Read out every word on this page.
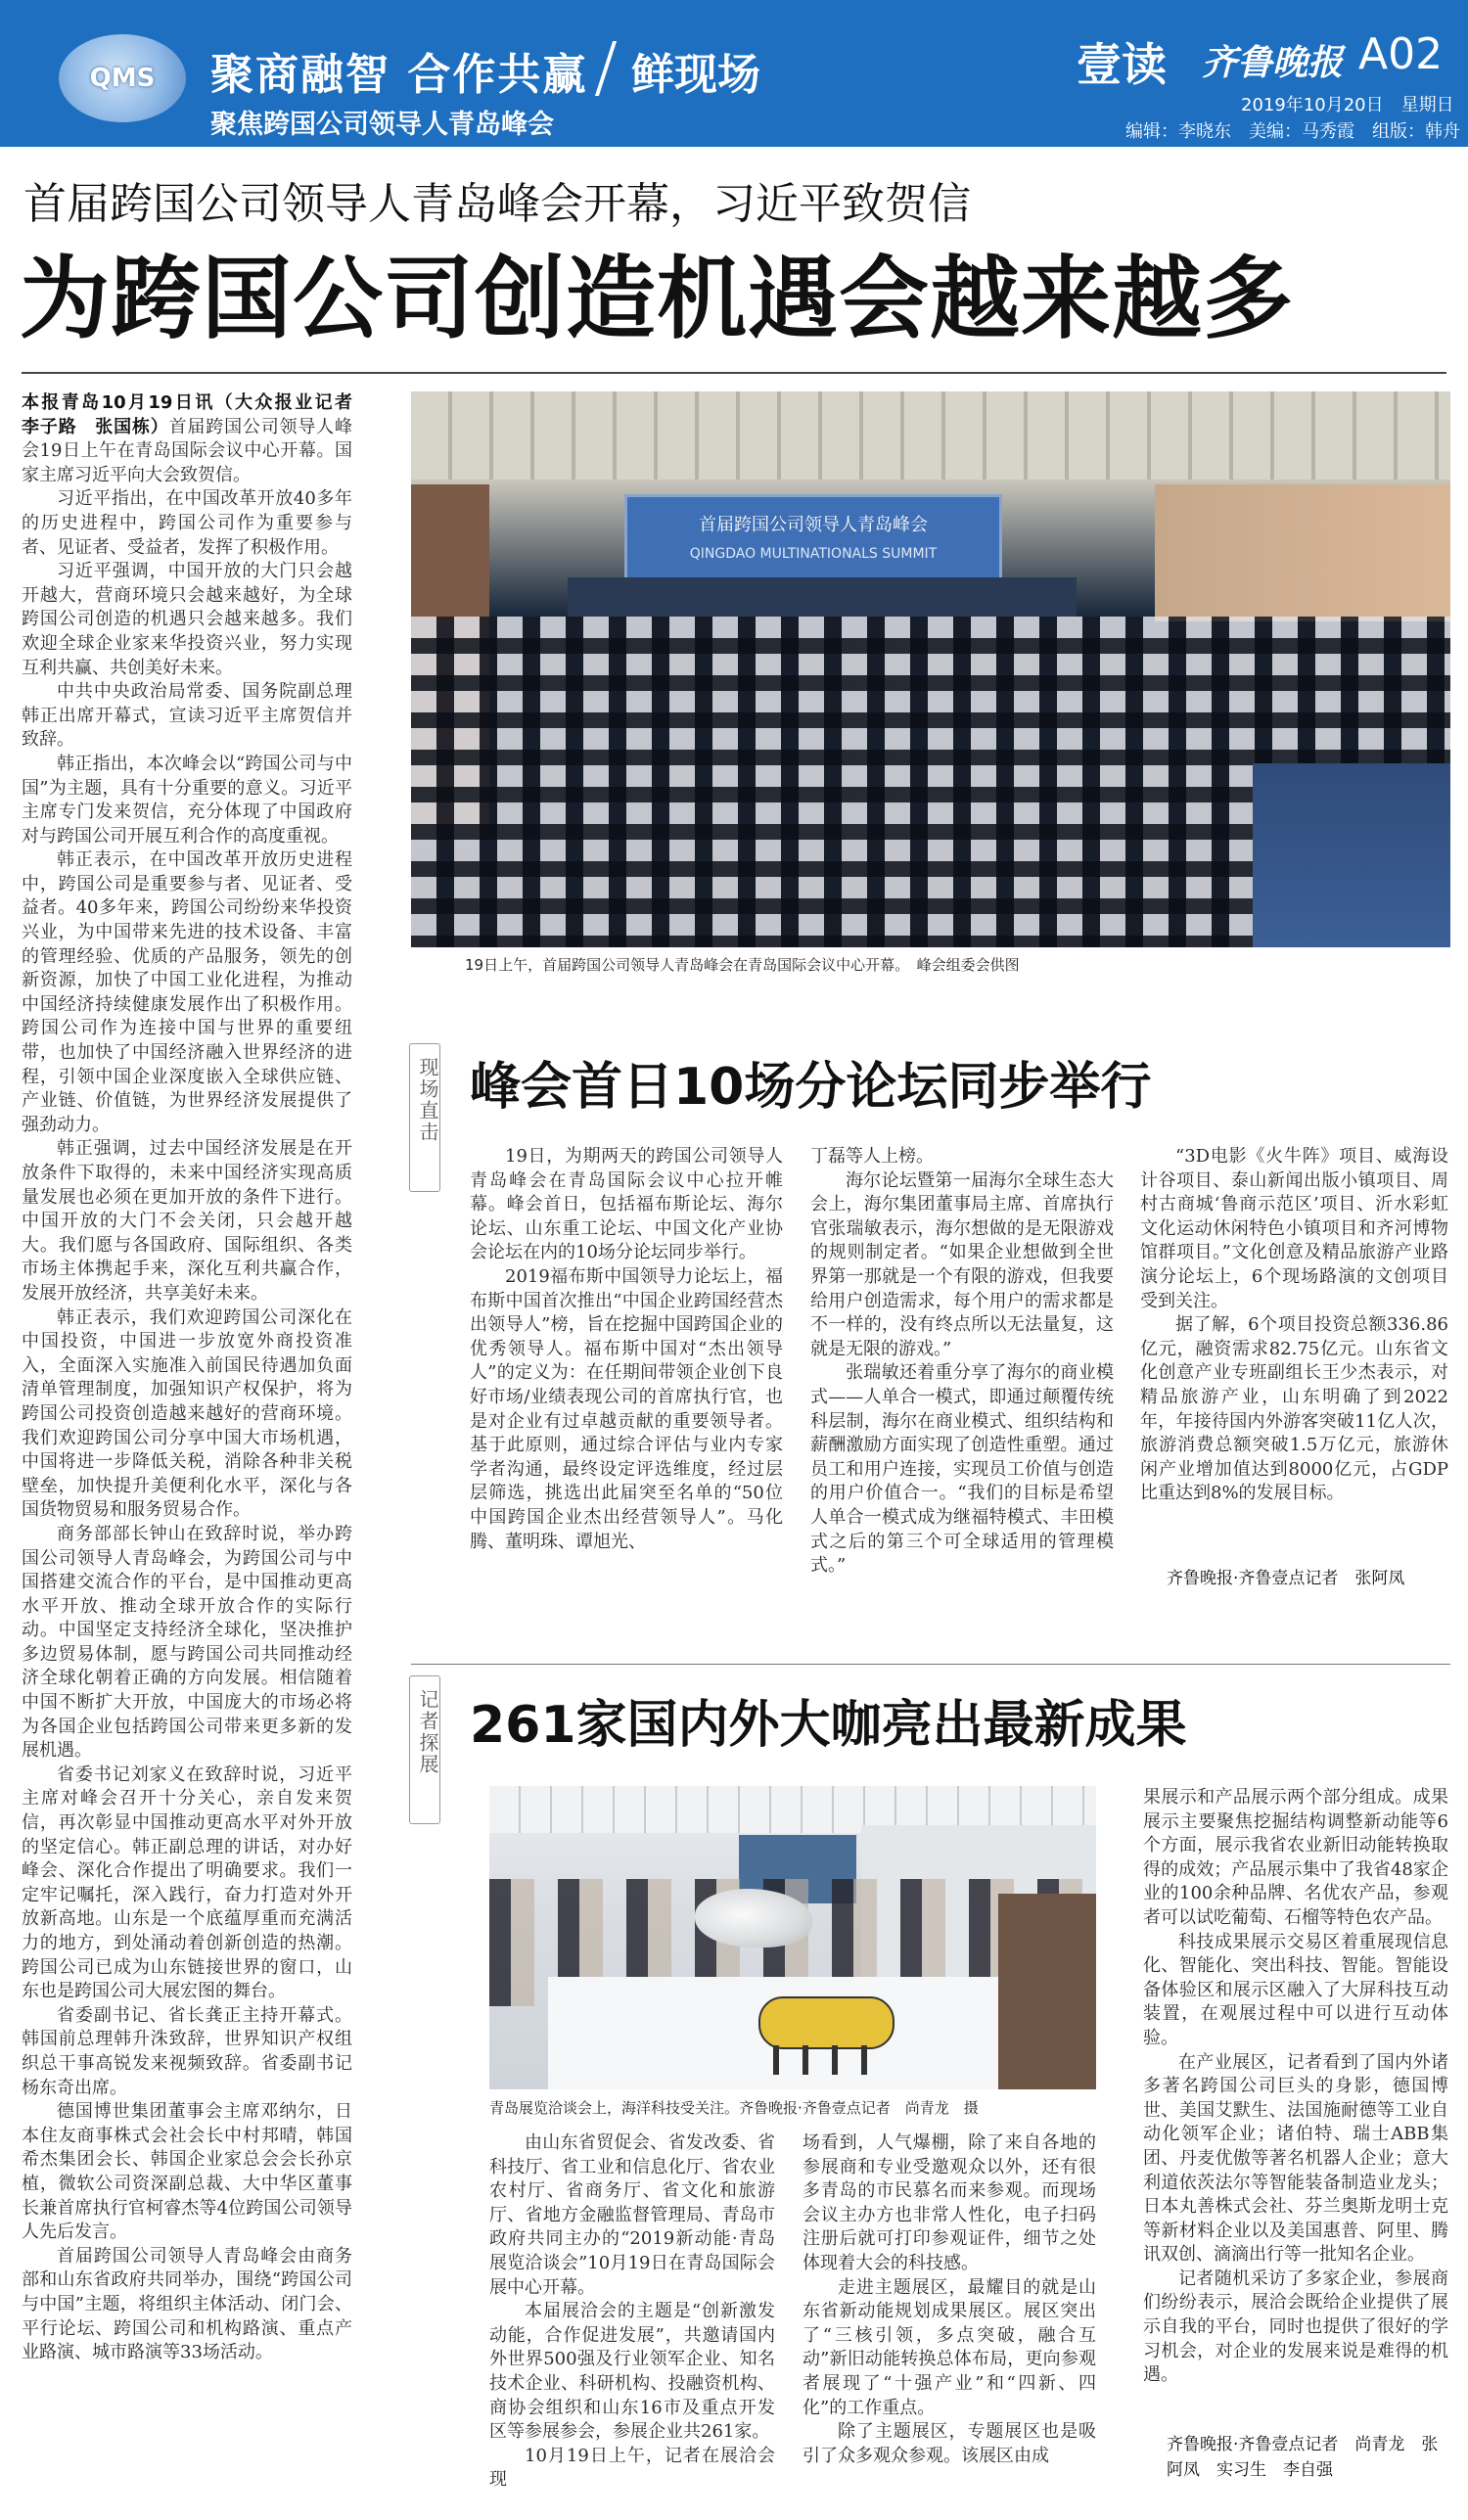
QMS	聚商融智 合作共赢 鲜现场
聚焦跨国公司领导人青岛峰会
壹读 齐鲁晚报 A02
2019年10月20日　星期日
编辑：李晓东　美编：马秀霞　组版：韩舟
首届跨国公司领导人青岛峰会开幕，习近平致贺信
为跨国公司创造机遇会越来越多

本报青岛10月19日讯（大众报业记者　李子路　张国栋）首届跨国公司领导人峰会19日上午在青岛国际会议中心开幕。国家主席习近平向大会致贺信。

习近平指出，在中国改革开放40多年的历史进程中，跨国公司作为重要参与者、见证者、受益者，发挥了积极作用。

习近平强调，中国开放的大门只会越开越大，营商环境只会越来越好，为全球跨国公司创造的机遇只会越来越多。我们欢迎全球企业家来华投资兴业，努力实现互利共赢、共创美好未来。

中共中央政治局常委、国务院副总理韩正出席开幕式，宣读习近平主席贺信并致辞。

韩正指出，本次峰会以“跨国公司与中国”为主题，具有十分重要的意义。习近平主席专门发来贺信，充分体现了中国政府对与跨国公司开展互利合作的高度重视。

韩正表示，在中国改革开放历史进程中，跨国公司是重要参与者、见证者、受益者。40多年来，跨国公司纷纷来华投资兴业，为中国带来先进的技术设备、丰富的管理经验、优质的产品服务，领先的创新资源，加快了中国工业化进程，为推动中国经济持续健康发展作出了积极作用。跨国公司作为连接中国与世界的重要纽带，也加快了中国经济融入世界经济的进程，引领中国企业深度嵌入全球供应链、产业链、价值链，为世界经济发展提供了强劲动力。

韩正强调，过去中国经济发展是在开放条件下取得的，未来中国经济实现高质量发展也必须在更加开放的条件下进行。中国开放的大门不会关闭，只会越开越大。我们愿与各国政府、国际组织、各类市场主体携起手来，深化互利共赢合作，发展开放经济，共享美好未来。

韩正表示，我们欢迎跨国公司深化在中国投资，中国进一步放宽外商投资准入，全面深入实施准入前国民待遇加负面清单管理制度，加强知识产权保护，将为跨国公司投资创造越来越好的营商环境。我们欢迎跨国公司分享中国大市场机遇，中国将进一步降低关税，消除各种非关税壁垒，加快提升美便利化水平，深化与各国货物贸易和服务贸易合作。

商务部部长钟山在致辞时说，举办跨国公司领导人青岛峰会，为跨国公司与中国搭建交流合作的平台，是中国推动更高水平开放、推动全球开放合作的实际行动。中国坚定支持经济全球化，坚决推护多边贸易体制，愿与跨国公司共同推动经济全球化朝着正确的方向发展。相信随着中国不断扩大开放，中国庞大的市场必将为各国企业包括跨国公司带来更多新的发展机遇。

省委书记刘家义在致辞时说，习近平主席对峰会召开十分关心，亲自发来贺信，再次彰显中国推动更高水平对外开放的坚定信心。韩正副总理的讲话，对办好峰会、深化合作提出了明确要求。我们一定牢记嘱托，深入践行，奋力打造对外开放新高地。山东是一个底蕴厚重而充满活力的地方，到处涌动着创新创造的热潮。跨国公司已成为山东链接世界的窗口，山东也是跨国公司大展宏图的舞台。

省委副书记、省长龚正主持开幕式。韩国前总理韩升洙致辞，世界知识产权组织总干事高锐发来视频致辞。省委副书记杨东奇出席。

德国博世集团董事会主席邓纳尔，日本住友商事株式会社会长中村邦晴，韩国希杰集团会长、韩国企业家总会会长孙京植，微软公司资深副总裁、大中华区董事长兼首席执行官柯睿杰等4位跨国公司领导人先后发言。

首届跨国公司领导人青岛峰会由商务部和山东省政府共同举办，围绕“跨国公司与中国”主题，将组织主体活动、闭门会、平行论坛、跨国公司和机构路演、重点产业路演、城市路演等33场活动。

首届跨国公司领导人青岛峰会
QINGDAO MULTINATIONALS SUMMIT
19日上午，首届跨国公司领导人青岛峰会在青岛国际会议中心开幕。　峰会组委会供图
现场直击 峰会首日10场分论坛同步举行

19日，为期两天的跨国公司领导人青岛峰会在青岛国际会议中心拉开帷幕。峰会首日，包括福布斯论坛、海尔论坛、山东重工论坛、中国文化产业协会论坛在内的10场分论坛同步举行。

2019福布斯中国领导力论坛上，福布斯中国首次推出“中国企业跨国经营杰出领导人”榜，旨在挖掘中国跨国企业的优秀领导人。福布斯中国对“杰出领导人”的定义为：在任期间带领企业创下良好市场/业绩表现公司的首席执行官，也是对企业有过卓越贡献的重要领导者。基于此原则，通过综合评估与业内专家学者沟通，最终设定评选维度，经过层层筛选，挑选出此届突至名单的“50位中国跨国企业杰出经营领导人”。马化腾、董明珠、谭旭光、

丁磊等人上榜。

海尔论坛暨第一届海尔全球生态大会上，海尔集团董事局主席、首席执行官张瑞敏表示，海尔想做的是无限游戏的规则制定者。“如果企业想做到全世界第一那就是一个有限的游戏，但我要给用户创造需求，每个用户的需求都是不一样的，没有终点所以无法量复，这就是无限的游戏。”

张瑞敏还着重分享了海尔的商业模式——人单合一模式，即通过颠覆传统科层制，海尔在商业模式、组织结构和薪酬激励方面实现了创造性重塑。通过员工和用户连接，实现员工价值与创造的用户价值合一。“我们的目标是希望人单合一模式成为继福特模式、丰田模式之后的第三个可全球适用的管理模式。”

“3D电影《火牛阵》项目、威海设计谷项目、泰山新闻出版小镇项目、周村古商城‘鲁商示范区’项目、沂水彩虹文化运动休闲特色小镇项目和齐河博物馆群项目。”文化创意及精品旅游产业路演分论坛上，6个现场路演的文创项目受到关注。

据了解，6个项目投资总额336.86亿元，融资需求82.75亿元。山东省文化创意产业专班副组长王少杰表示，对精品旅游产业，山东明确了到2022年，年接待国内外游客突破11亿人次，旅游消费总额突破1.5万亿元，旅游休闲产业增加值达到8000亿元，占GDP比重达到8%的发展目标。

齐鲁晚报·齐鲁壹点记者　张阿凤
记者探展 261家国内外大咖亮出最新成果
青岛展览洽谈会上，海洋科技受关注。齐鲁晚报·齐鲁壹点记者　尚青龙　摄

果展示和产品展示两个部分组成。成果展示主要聚焦挖掘结构调整新动能等6个方面，展示我省农业新旧动能转换取得的成效；产品展示集中了我省48家企业的100余种品牌、名优农产品，参观者可以试吃葡萄、石榴等特色农产品。

科技成果展示交易区着重展现信息化、智能化、突出科技、智能。智能设备体验区和展示区融入了大屏科技互动装置，在观展过程中可以进行互动体验。

在产业展区，记者看到了国内外诸多著名跨国公司巨头的身影，德国博世、美国艾默生、法国施耐德等工业自动化领军企业；诸伯特、瑞士ABB集团、丹麦优傲等著名机器人企业；意大利道依茨法尔等智能装备制造业龙头；日本丸善株式会社、芬兰奥斯龙明士克等新材料企业以及美国惠普、阿里、腾讯双创、滴滴出行等一批知名企业。

记者随机采访了多家企业，参展商们纷纷表示，展洽会既给企业提供了展示自我的平台，同时也提供了很好的学习机会，对企业的发展来说是难得的机遇。

齐鲁晚报·齐鲁壹点记者　尚青龙　张阿凤　实习生　李自强

由山东省贸促会、省发改委、省科技厅、省工业和信息化厅、省农业农村厅、省商务厅、省文化和旅游厅、省地方金融监督管理局、青岛市政府共同主办的“2019新动能·青岛展览洽谈会”10月19日在青岛国际会展中心开幕。

本届展洽会的主题是“创新激发动能，合作促进发展”，共邀请国内外世界500强及行业领军企业、知名技术企业、科研机构、投融资机构、商协会组织和山东16市及重点开发区等参展参会，参展企业共261家。

10月19日上午，记者在展洽会现

场看到，人气爆棚，除了来自各地的参展商和专业受邀观众以外，还有很多青岛的市民慕名而来参观。而现场会议主办方也非常人性化，电子扫码注册后就可打印参观证件，细节之处体现着大会的科技感。

走进主题展区，最耀目的就是山东省新动能规划成果展区。展区突出了“三核引领，多点突破，融合互动”新旧动能转换总体布局，更向参观者展现了“十强产业”和“四新、四化”的工作重点。

除了主题展区，专题展区也是吸引了众多观众参观。该展区由成
